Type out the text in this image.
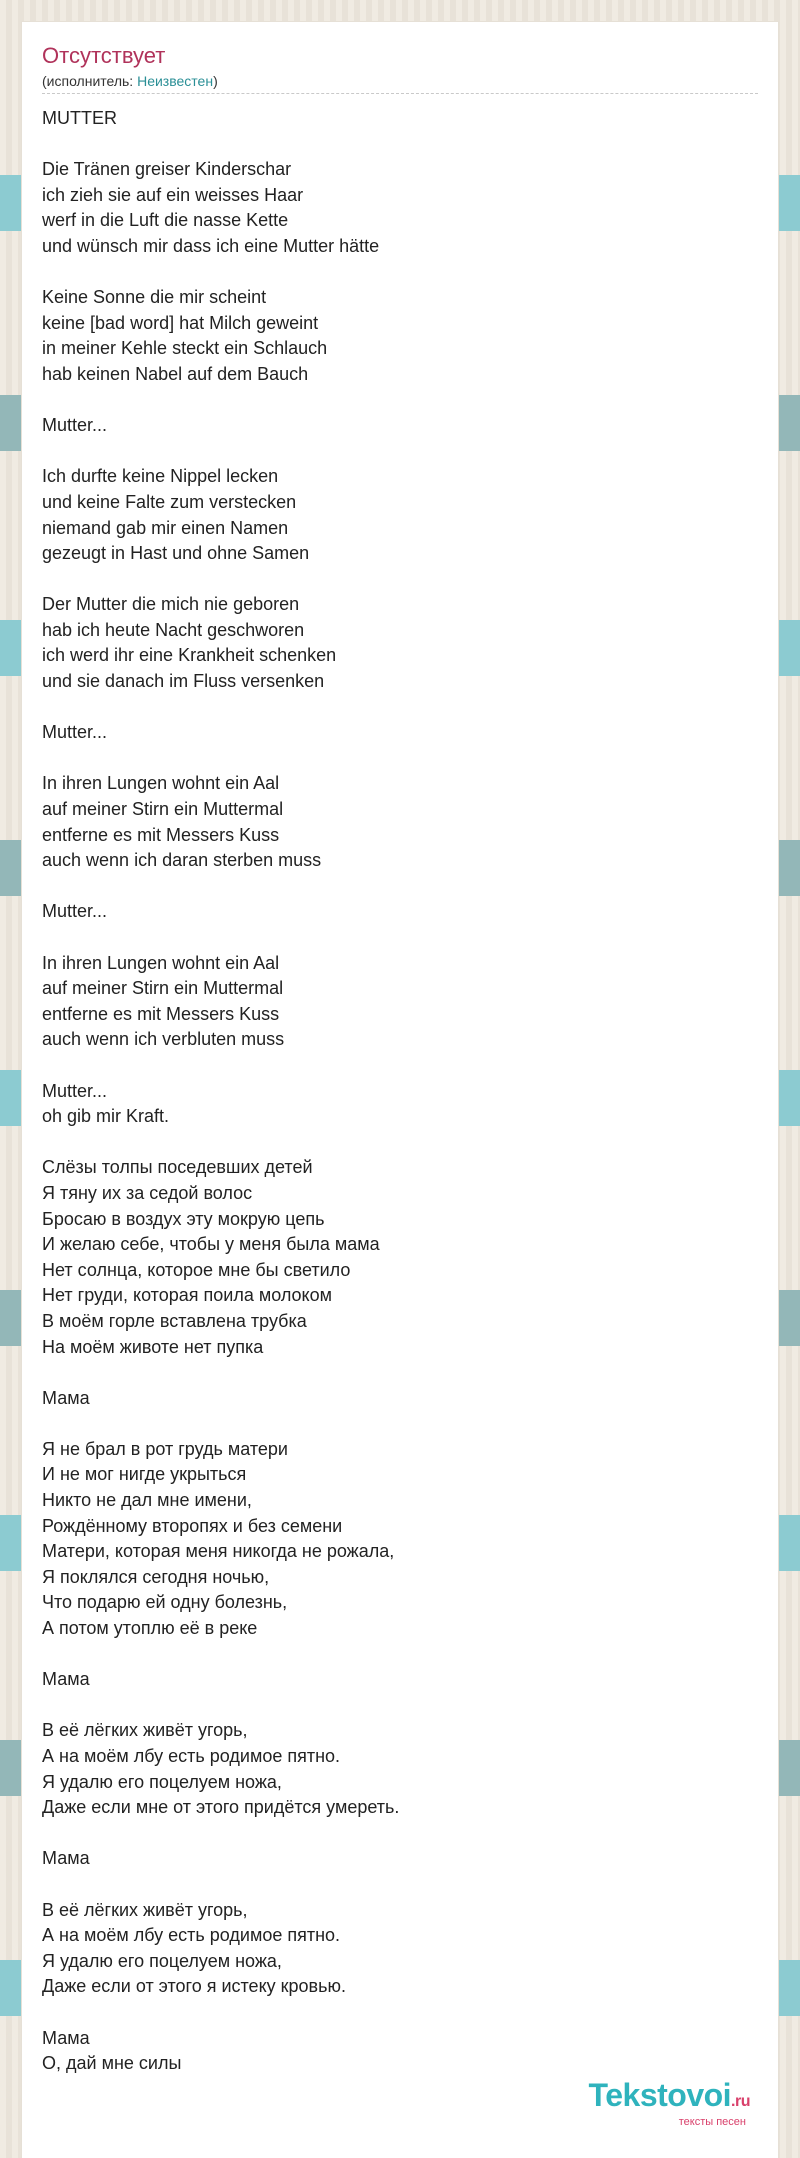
Отсутствует
(исполнитель: Неизвестен)
MUTTER
Die Tränen greiser Kinderschar
ich zieh sie auf ein weisses Haar
werf in die Luft die nasse Kette
und wünsch mir dass ich eine Mutter hätte
Keine Sonne die mir scheint
keine [bad word] hat Milch geweint
in meiner Kehle steckt ein Schlauch
hab keinen Nabel auf dem Bauch
Mutter...
Ich durfte keine Nippel lecken
und keine Falte zum verstecken
niemand gab mir einen Namen
gezeugt in Hast und ohne Samen
Der Mutter die mich nie geboren
hab ich heute Nacht geschworen
ich werd ihr eine Krankheit schenken
und sie danach im Fluss versenken
Mutter...
In ihren Lungen wohnt ein Aal
auf meiner Stirn ein Muttermal
entferne es mit Messers Kuss
auch wenn ich daran sterben muss
Mutter...
In ihren Lungen wohnt ein Aal
auf meiner Stirn ein Muttermal
entferne es mit Messers Kuss
auch wenn ich verbluten muss
Mutter...
oh gib mir Kraft.
Слёзы толпы поседевших детей
Я тяну их за седой волос
Бросаю в воздух эту мокрую цепь
И желаю себе, чтобы у меня была мама
Нет солнца, которое мне бы светило
Нет груди, которая поила молоком
В моём горле вставлена трубка
На моём животе нет пупка
Мама
Я не брал в рот грудь матери
И не мог нигде укрыться
Никто не дал мне имени,
Рождённому второпях и без семени
Матери, которая меня никогда не рожала,
Я поклялся сегодня ночью,
Что подарю ей одну болезнь,
А потом утоплю её в реке
Мама
В её лёгких живёт угорь,
А на моём лбу есть родимое пятно.
Я удалю его поцелуем ножа,
Даже если мне от этого придётся умереть.
Мама
В её лёгких живёт угорь,
А на моём лбу есть родимое пятно.
Я удалю его поцелуем ножа,
Даже если от этого я истеку кровью.
Мама
О, дай мне силы
Tekstovoi.ru
тексты песен
